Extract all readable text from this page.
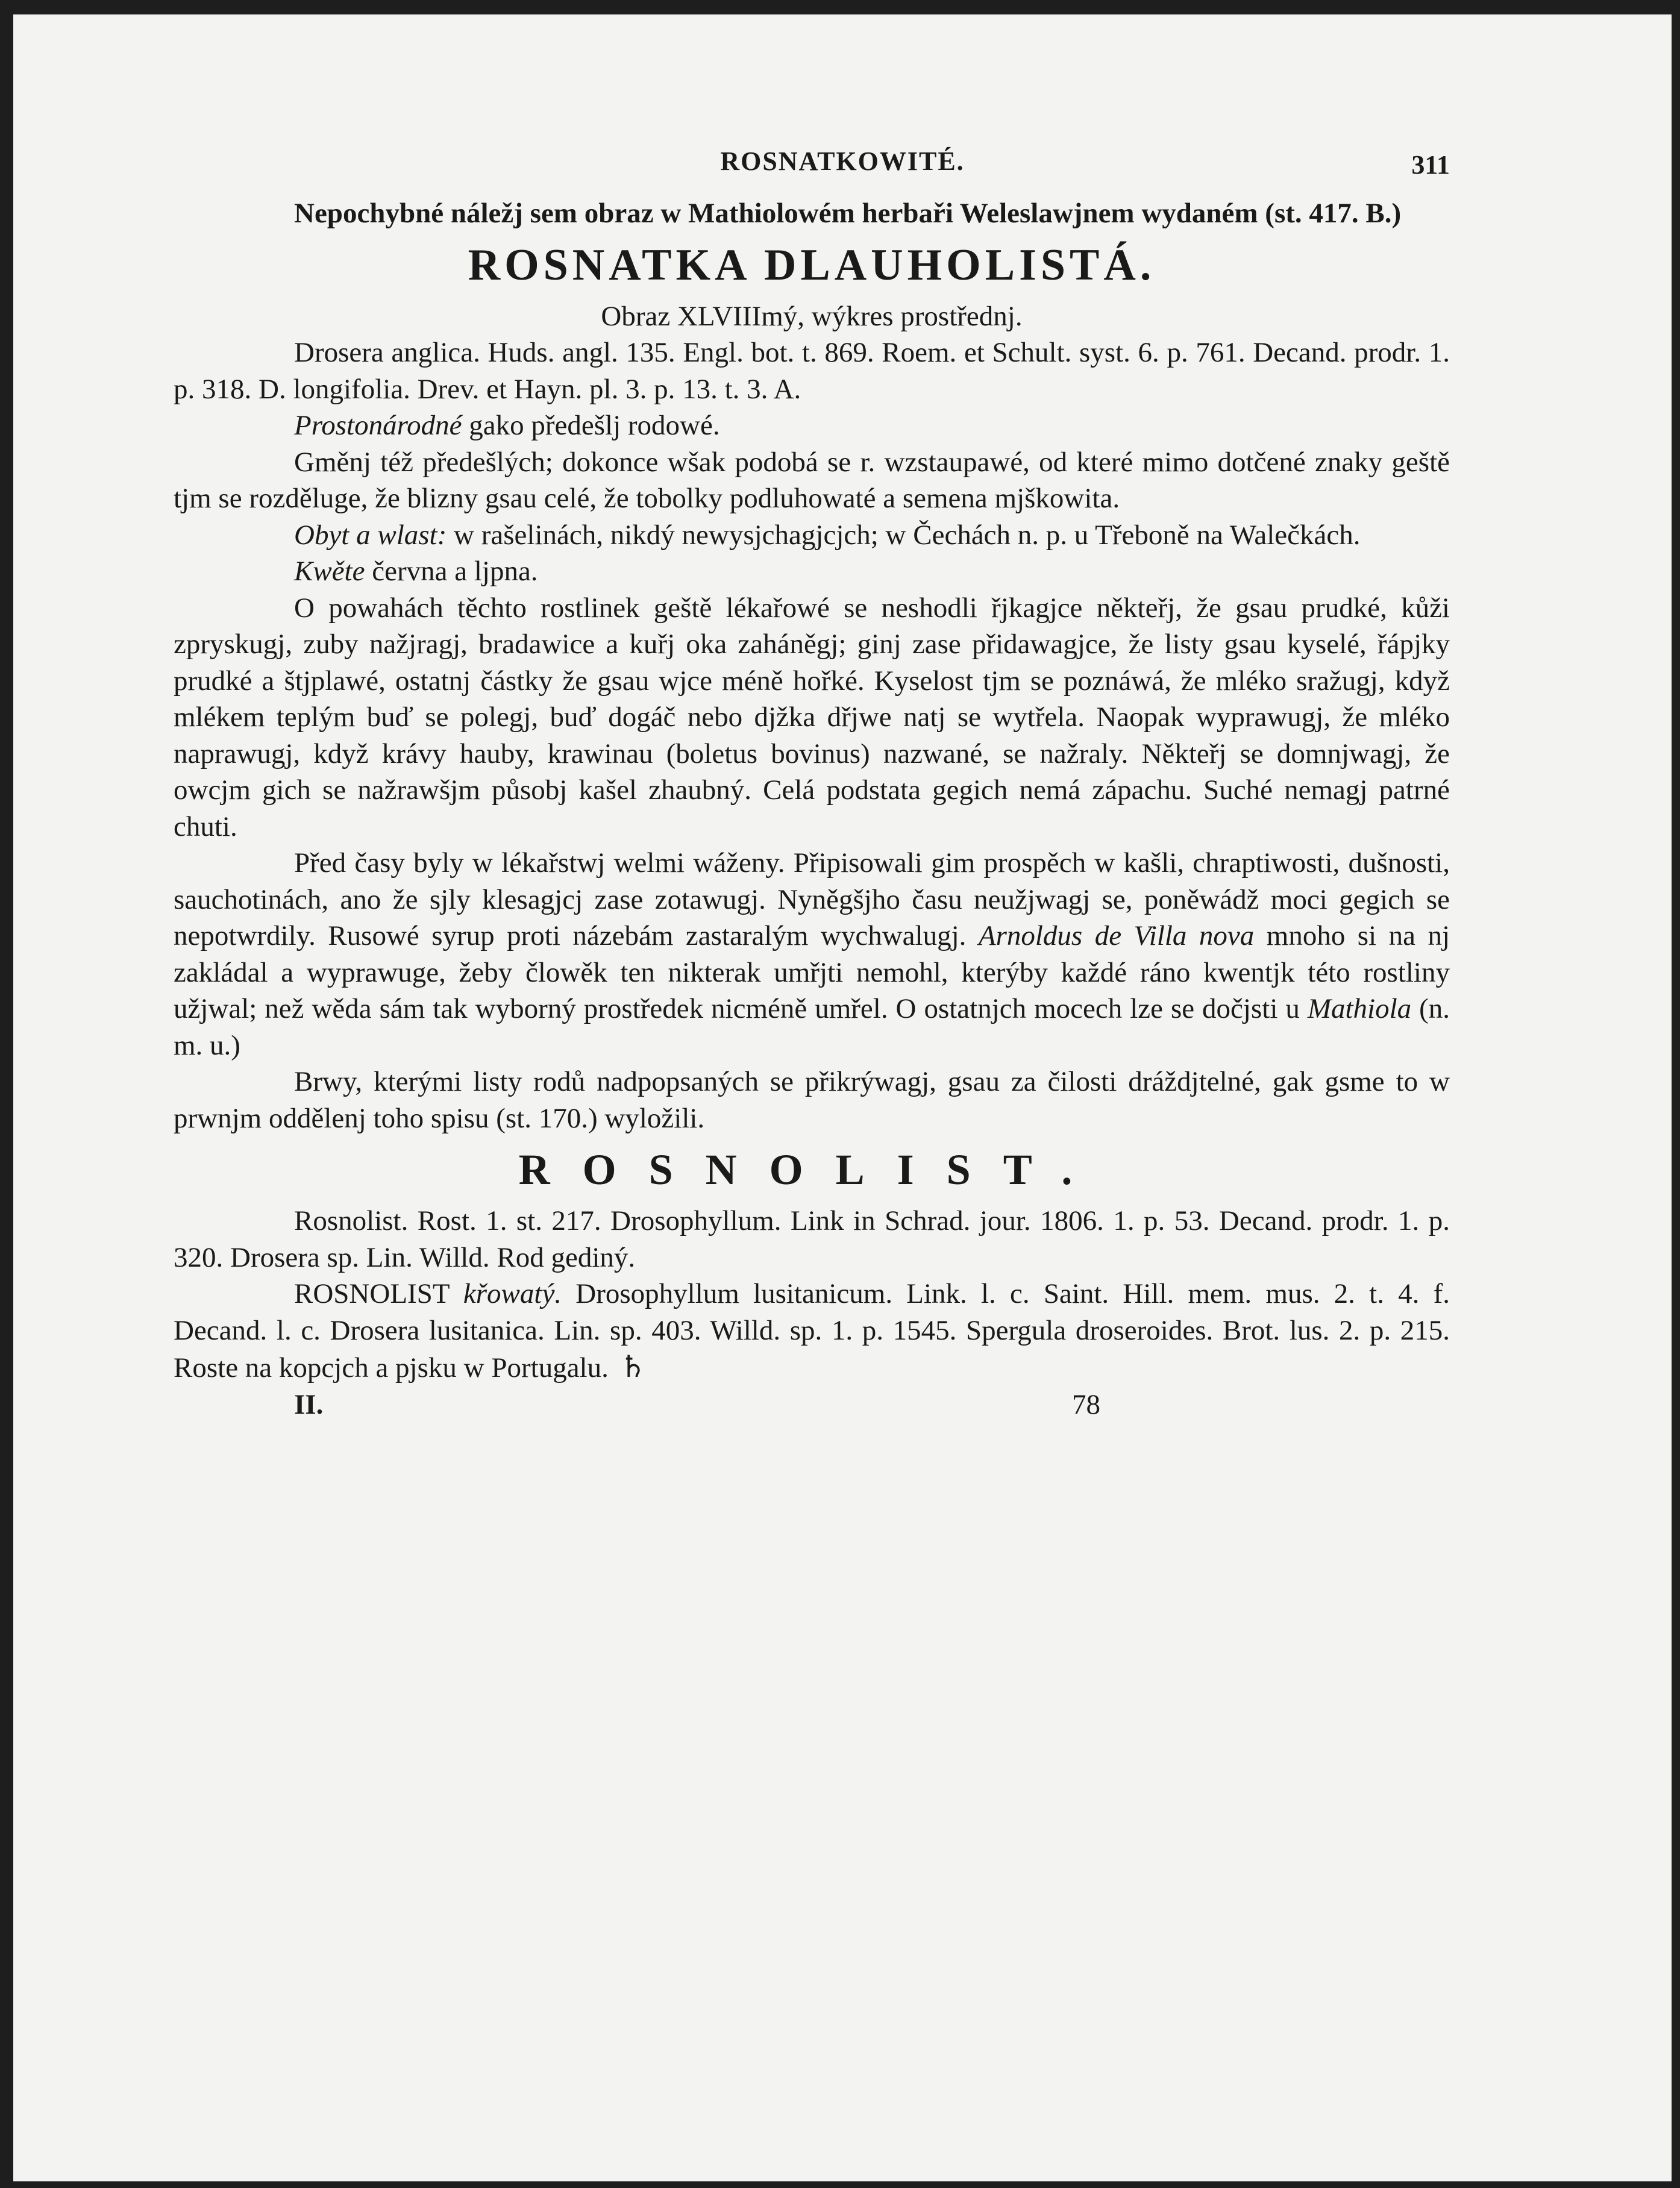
ROSNATKOWITÉ.	311

Nepochybné náležj sem obraz w Mathiolowém herbaři Weleslawjnem wydaném (st. 417. B.)

ROSNATKA DLAUHOLISTÁ.

Obraz XLVIIImý, wýkres prostřednj.

Drosera anglica. Huds. angl. 135. Engl. bot. t. 869. Roem. et Schult. syst. 6. p. 761. Decand. prodr. 1. p. 318. D. longifolia. Drev. et Hayn. pl. 3. p. 13. t. 3. A.

Prostonárodné gako předešlj rodowé.

Gměnj též předešlých; dokonce wšak podobá se r. wzstaupawé, od které mimo dotčené znaky geště tjm se rozděluge, že blizny gsau celé, že tobolky podluhowaté a semena mjškowita.

Obyt a wlast: w rašelinách, nikdý newysjchagjcjch; w Čechách n. p. u Třeboně na Walečkách.

Kwěte června a ljpna.

O powahách těchto rostlinek geště lékařowé se neshodli řjkagjce někteřj, že gsau prudké, kůži zpryskugj, zuby nažjragj, bradawice a kuřj oka zaháněgj; ginj zase přidawagjce, že listy gsau kyselé, řápjky prudké a štjplawé, ostatnj částky že gsau wjce méně hořké. Kyselost tjm se poznáwá, že mléko sražugj, když mlékem teplým buď se polegj, buď dogáč nebo djžka dřjwe natj se wytřela. Naopak wyprawugj, že mléko naprawugj, když krávy hauby, krawinau (boletus bovinus) nazwané, se nažraly. Někteřj se domnjwagj, že owcjm gich se nažrawšjm působj kašel zhaubný. Celá podstata gegich nemá zápachu. Suché nemagj patrné chuti.

Před časy byly w lékařstwj welmi wáženy. Připisowali gim prospěch w kašli, chraptiwosti, dušnosti, sauchotinách, ano že sjly klesagjcj zase zotawugj. Nyněgšjho času neužjwagj se, poněwádž moci gegich se nepotwrdily. Rusowé syrup proti názebám zastaralým wychwalugj. Arnoldus de Villa nova mnoho si na nj zakládal a wyprawuge, žeby člowěk ten nikterak umřjti nemohl, kterýby každé ráno kwentjk této rostliny užjwal; než wěda sám tak wyborný prostředek nicméně umřel. O ostatnjch mocech lze se dočjsti u Mathiola (n. m. u.)

Brwy, kterými listy rodů nadpopsaných se přikrýwagj, gsau za čilosti dráždjtelné, gak gsme to w prwnjm oddělenj toho spisu (st. 170.) wyložili.

ROSNOLIST.

Rosnolist. Rost. 1. st. 217. Drosophyllum. Link in Schrad. jour. 1806. 1. p. 53. Decand. prodr. 1. p. 320. Drosera sp. Lin. Willd. Rod gediný.

ROSNOLIST křowatý. Drosophyllum lusitanicum. Link. l. c. Saint. Hill. mem. mus. 2. t. 4. f. Decand. l. c. Drosera lusitanica. Lin. sp. 403. Willd. sp. 1. p. 1545. Spergula droseroides. Brot. lus. 2. p. 215. Roste na kopcjch a pjsku w Portugalu. ♄

II.	78
